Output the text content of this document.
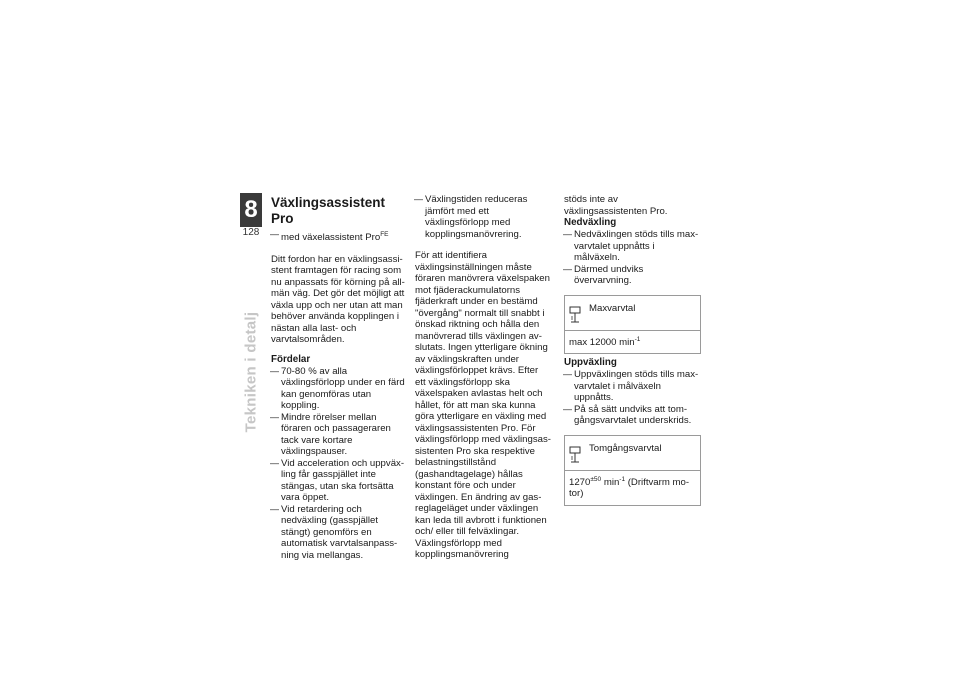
8
128
Tekniken i detalj
Växlingsassistent Pro
— med växelassistent Pro$^{FE}$

Ditt fordon har en växlingsassistent framtagen för racing som nu anpassats för körning på allmän väg. Det gör det möjligt att växla upp och ner utan att man behöver använda kopplingen i nästan alla last- och varvtalsområden.

Fördelar
— 70-80 % av alla växlingsförlopp under en färd kan genomföras utan koppling.
— Mindre rörelser mellan föraren och passageraren tack vare kortare växlingspauser.
— Vid acceleration och uppväxling får gasspjället inte stängas, utan ska fortsätta vara öppet.
— Vid retardering och nedväxling (gasspjället stängt) genomförs en automatisk varvtalsanpassning via mellangas.
— Växlingstiden reduceras jämfört med ett växlingsförlopp med kopplingsmanövrering.

För att identifiera växlingsinställningen måste föraren manövrera växelspaken mot fjäderackumulatorns fjäderkraft under en bestämd "övergång" normalt till snabbt i önskad riktning och hålla den manövrerad tills växlingen avslutats. Ingen ytterligare ökning av växlingskraften under växlingsförloppet krävs. Efter ett växlingsförlopp ska växelspaken avlastas helt och hållet, för att man ska kunna göra ytterligare en växling med växlingsassistenten Pro. För växlingsförlopp med växlingsassistenten Pro ska respektive belastningstillstånd (gashandtagelage) hållas konstant före och under växlingen. En ändring av gasreglageläget under växlingen kan leda till avbrott i funktionen och/ eller till felväxlingar. Växlingsförlopp med kopplingsmanövrering

stöds inte av växlingsassistenten Pro.

Nedväxling
— Nedväxlingen stöds tills maxvarvtalet uppnåtts i målväxeln.
— Därmed undviks övervarvning.
Maxvarvtal
max 12000 $\min^{-1}$
Uppväxling
— Uppväxlingen stöds tills maxvarvtalet i målväxeln uppnåtts.
— På så sätt undviks att tomgångsvarvtalet underskrids.
Tomgångsvarvtal
$1270^{\pm 50}$ $\min^{-1}$ (Driftvarm motor)
